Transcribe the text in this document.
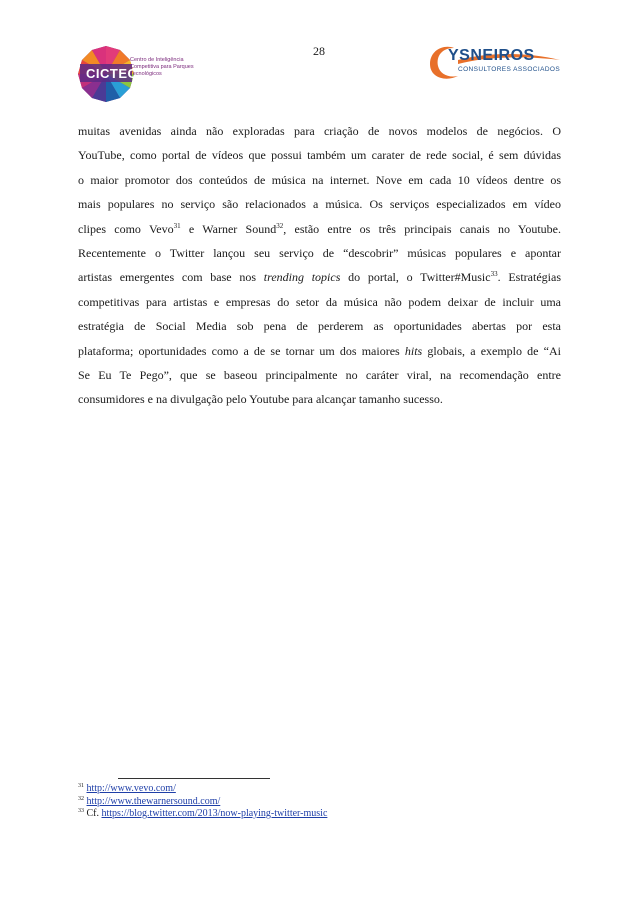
28
CICTEC
Centro de Inteligência Competitiva para Parques Tecnológicos
YSNEIROS
CONSULTORES ASSOCIADOS
muitas avenidas ainda não exploradas para criação de novos modelos de negócios. O
YouTube, como portal de vídeos que possui também um carater de rede social, é sem dúvidas
o maior promotor dos conteúdos de música na internet. Nove em cada 10 vídeos dentre os
mais populares no serviço são relacionados a música. Os serviços especializados em vídeo
clipes como Vevo$^{31}$ e Warner Sound$^{32}$, estão entre os três principais canais no Youtube.
Recentemente o Twitter lançou seu serviço de “descobrir” músicas populares e apontar
artistas emergentes com base nos trending topics do portal, o Twitter#Music$^{33}$. Estratégias
competitivas para artistas e empresas do setor da música não podem deixar de incluir uma
estratégia de Social Media sob pena de perderem as oportunidades abertas por esta
plataforma; oportunidades como a de se tornar um dos maiores hits globais, a exemplo de “Ai
Se Eu Te Pego”, que se baseou principalmente no caráter viral, na recomendação entre
consumidores e na divulgação pelo Youtube para alcançar tamanho sucesso.
$^{31}$ http://www.vevo.com/
$^{32}$ http://www.thewarnersound.com/
$^{33}$ Cf. https://blog.twitter.com/2013/now-playing-twitter-music
